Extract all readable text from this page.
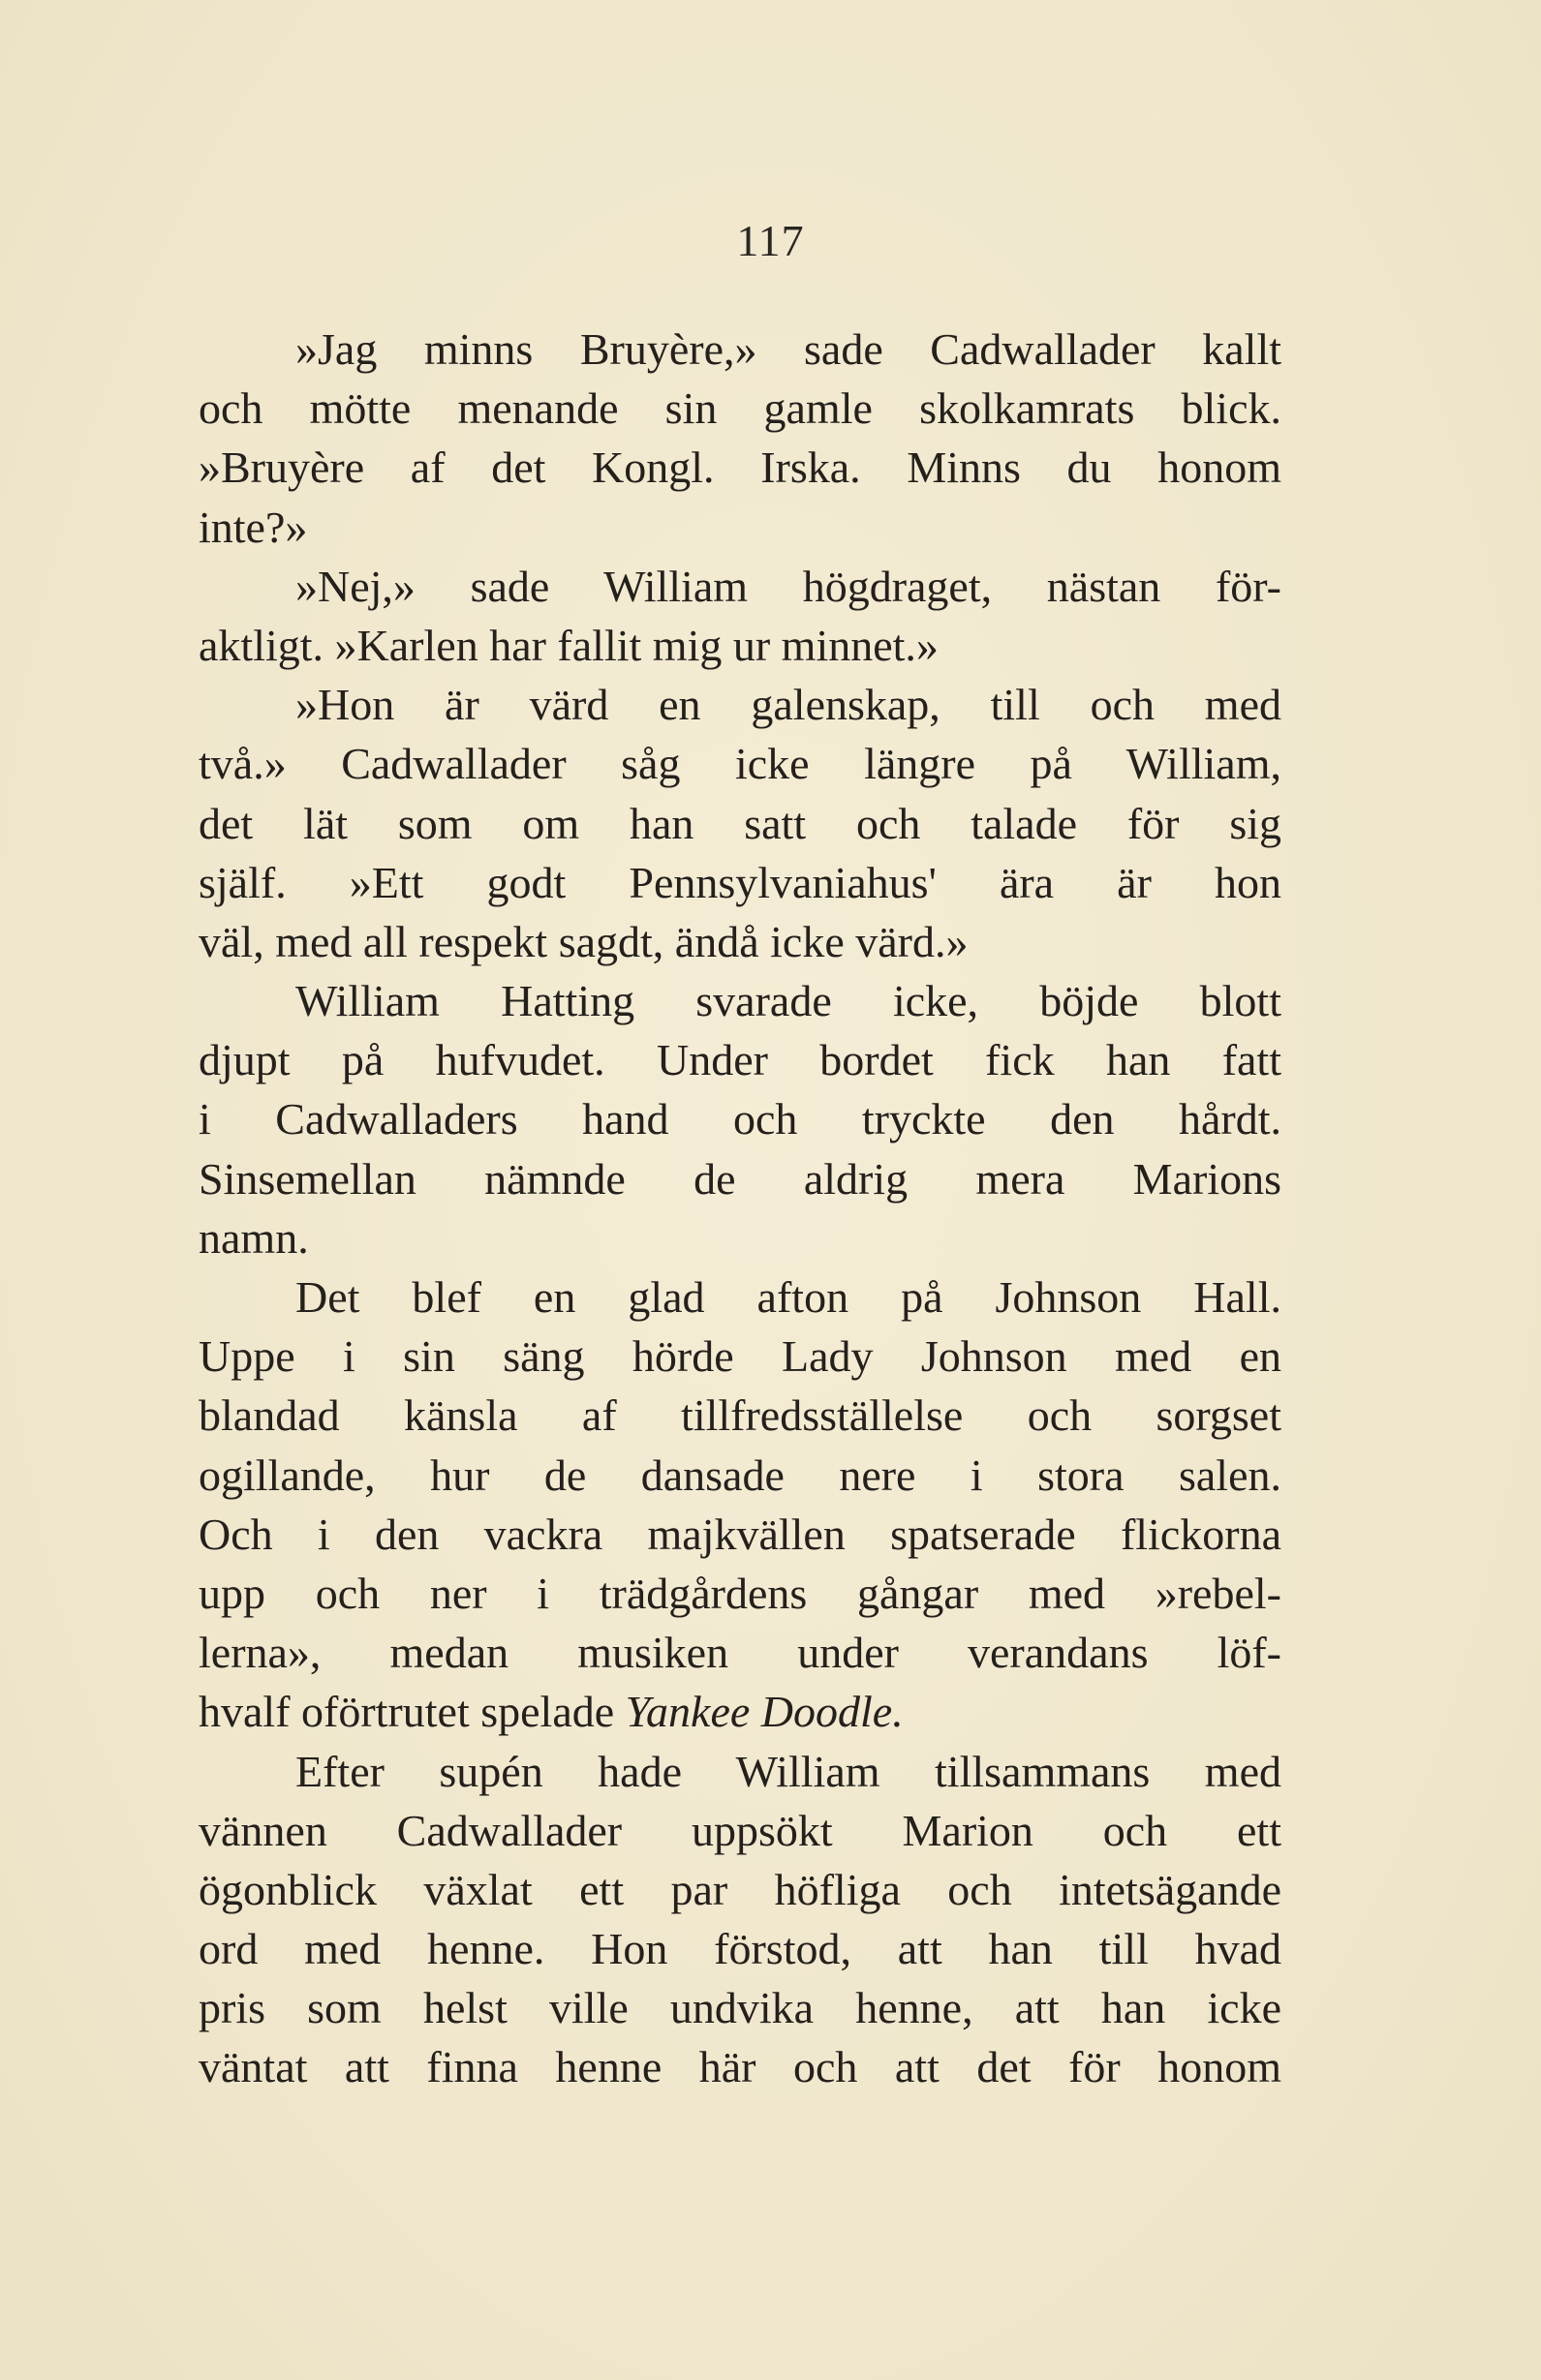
117
»Jag minns Bruyère,» sade Cadwallader kallt
och mötte menande sin gamle skolkamrats blick.
»Bruyère af det Kongl. Irska. Minns du honom
inte?»
»Nej,» sade William högdraget, nästan för-
aktligt. »Karlen har fallit mig ur minnet.»
»Hon är värd en galenskap, till och med
två.» Cadwallader såg icke längre på William,
det lät som om han satt och talade för sig
själf. »Ett godt Pennsylvaniahus' ära är hon
väl, med all respekt sagdt, ändå icke värd.»
William Hatting svarade icke, böjde blott
djupt på hufvudet. Under bordet fick han fatt
i Cadwalladers hand och tryckte den hårdt.
Sinsemellan nämnde de aldrig mera Marions
namn.
Det blef en glad afton på Johnson Hall.
Uppe i sin säng hörde Lady Johnson med en
blandad känsla af tillfredsställelse och sorgset
ogillande, hur de dansade nere i stora salen.
Och i den vackra majkvällen spatserade flickorna
upp och ner i trädgårdens gångar med »rebel-
lerna», medan musiken under verandans löf-
hvalf oförtrutet spelade Yankee Doodle.
Efter supén hade William tillsammans med
vännen Cadwallader uppsökt Marion och ett
ögonblick växlat ett par höfliga och intetsägande
ord med henne. Hon förstod, att han till hvad
pris som helst ville undvika henne, att han icke
väntat att finna henne här och att det för honom
